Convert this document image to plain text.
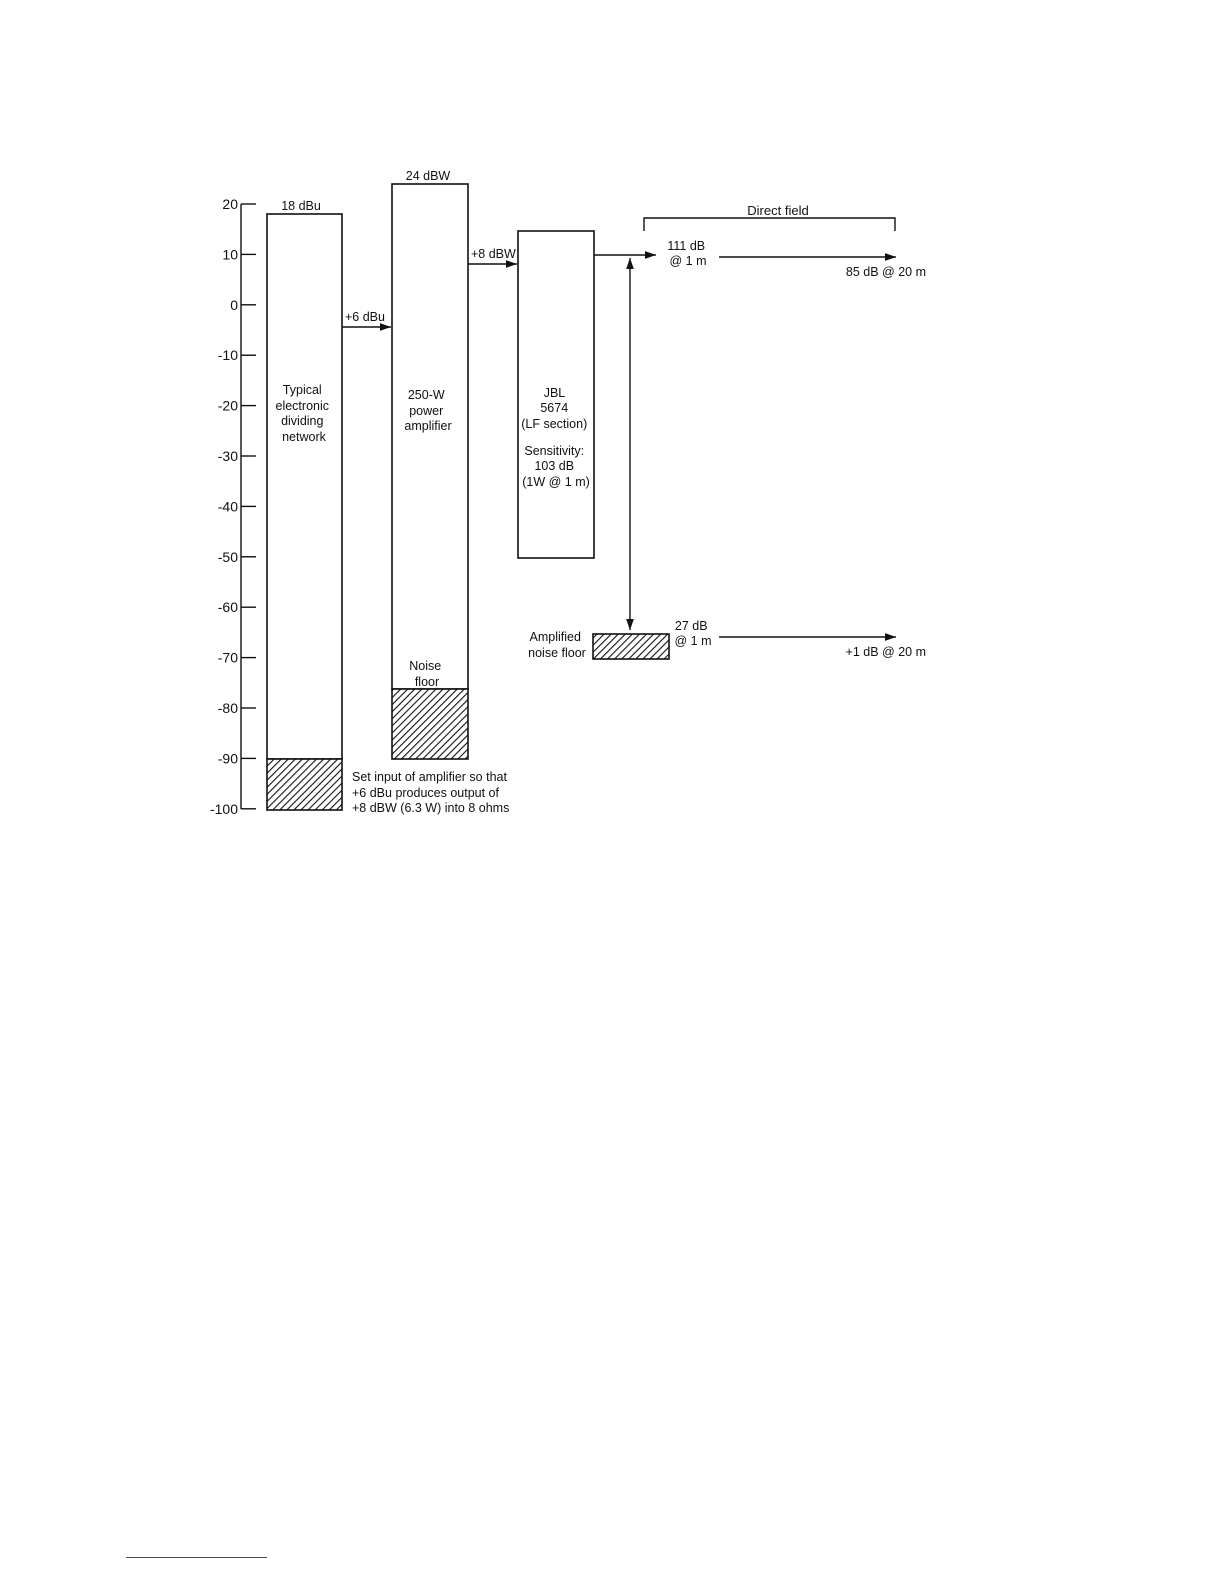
20
10
0
-10
-20
-30
-40
-50
-60
-70
-80
-90
-100
18 dBu
Typical electronic dividing network
+6 dBu
24 dBW
250-W power amplifier
Noise floor
+8 dBW
JBL 5674 (LF section) Sensitivity: 103 dB (1W @ 1 m)
Direct field
111 dB @ 1 m
85 dB @ 20 m
Amplified noise floor
27 dB @ 1 m
+1 dB @ 20 m
Set input of amplifier so that +6 dBu produces output of +8 dBW (6.3 W) into 8 ohms
